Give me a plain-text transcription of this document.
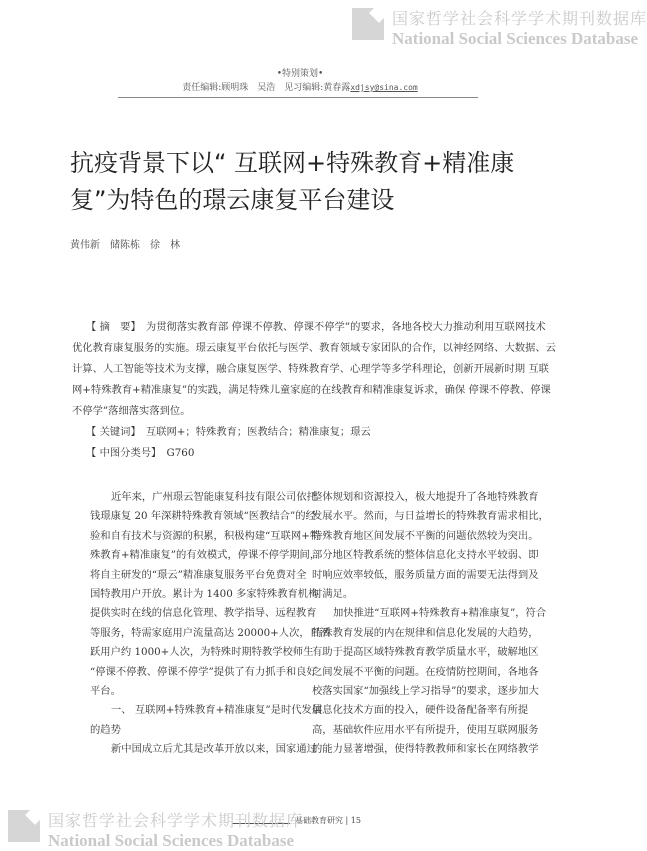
国家哲学社会科学学术期刊数据库
National Social Sciences Database
•特别策划•
责任编辑:顾明珠　吴浩　见习编辑:黄春露xdjsy@sina.com
抗疫背景下以“ 互联网+特殊教育+精准康
复”为特色的璟云康复平台建设
黄伟新　储陈栋　徐　林
【 摘　要】　为贯彻落实教育部 停课不停教、停课不停学”的要求，各地各校大力推动利用互联网技术
优化教育康复服务的实施。璟云康复平台依托与医学、教育领域专家团队的合作，以神经网络、大数据、云
计算、人工智能等技术为支撑，融合康复医学、特殊教育学、心理学等多学科理论，创新开展新时期 互联
网+特殊教育+精准康复”的实践，满足特殊儿童家庭的在线教育和精准康复诉求，确保 停课不停教、停课
不停学”落细落实落到位。
【 关键词】　互联网+；特殊教育；医教结合；精准康复；璟云
【 中图分类号】　G760
近年来，广州璟云智能康复科技有限公司依托
钱璟康复 20 年深耕特殊教育领域“医教结合”的经
验和自有技术与资源的积累，积极构建“互联网+特
殊教育+精准康复”的有效模式，停课不停学期间，
将自主研发的“璟云”精准康复服务平台免费对全
国特教用户开放。累计为 1400 多家特殊教育机构
提供实时在线的信息化管理、教学指导、远程教育
等服务，特需家庭用户流量高达 20000+人次，日活
跃用户约 1000+人次，为特殊时期特教学校师生
“停课不停教、停课不停学”提供了有力抓手和良好
平台。
一、 互联网+特殊教育+精准康复”是时代发展
的趋势
新中国成立后尤其是改革开放以来，国家通过
整体规划和资源投入，极大地提升了各地特殊教育
发展水平。然而，与日益增长的特殊教育需求相比，
特殊教育地区间发展不平衡的问题依然较为突出。
部分地区特教系统的整体信息化支持水平较弱、即
时响应效率较低，服务质量方面的需要无法得到及
时满足。
加快推进“互联网+特殊教育+精准康复”，符合
特殊教育发展的内在规律和信息化发展的大趋势，
有助于提高区域特殊教育教学质量水平，破解地区
之间发展不平衡的问题。在疫情防控期间，各地各
校落实国家“加强线上学习指导”的要求，逐步加大
信息化技术方面的投入，硬件设备配备率有所提
高，基础软件应用水平有所提升，使用互联网服务
的能力显著增强，使得特教教师和家长在网络教学
基础教育研究 | 15
国家哲学社会科学学术期刊数据库
National Social Sciences Database
